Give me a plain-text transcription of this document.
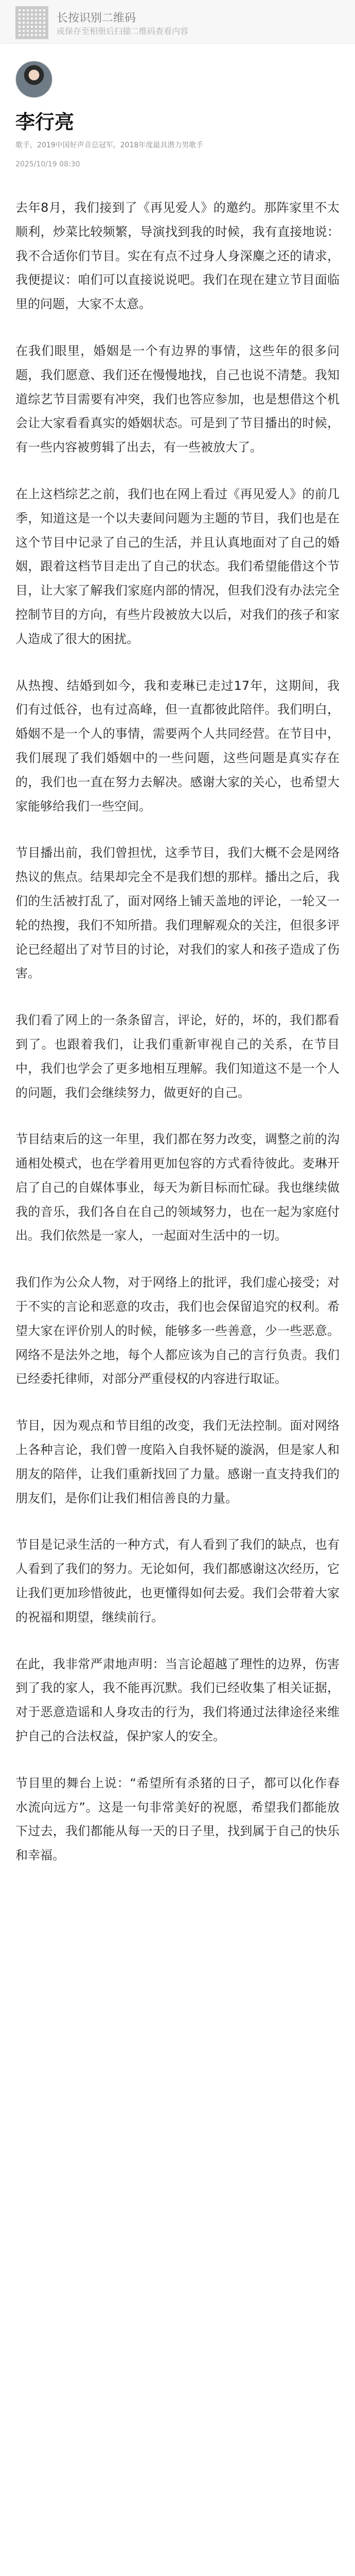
长按识别二维码
或保存至相册后扫描二维码查看内容
李行亮
歌手，2019中国好声音总冠军，2018年度最具潜力男歌手
2025/10/19 08:30

去年8月，我们接到了《再见爱人》的邀约。那阵家里不太顺利，炒菜比较频繁，导演找到我的时候，我有直接地说：我不合适你们节目。实在有点不过身人身深麋之还的请求，我便提议：咱们可以直接说说吧。我们在现在建立节目面临里的问题，大家不太意。

在我们眼里，婚姻是一个有边界的事情，这些年的很多问题，我们愿意、我们还在慢慢地找，自己也说不清楚。我知道综艺节目需要有冲突，我们也答应参加，也是想借这个机会让大家看看真实的婚姻状态。可是到了节目播出的时候，有一些内容被剪辑了出去，有一些被放大了。

在上这档综艺之前，我们也在网上看过《再见爱人》的前几季，知道这是一个以夫妻间问题为主题的节目，我们也是在这个节目中记录了自己的生活，并且认真地面对了自己的婚姻，跟着这档节目走出了自己的状态。我们希望能借这个节目，让大家了解我们家庭内部的情况，但我们没有办法完全控制节目的方向，有些片段被放大以后，对我们的孩子和家人造成了很大的困扰。

从热搜、结婚到如今，我和麦琳已走过17年，这期间，我们有过低谷，也有过高峰，但一直都彼此陪伴。我们明白，婚姻不是一个人的事情，需要两个人共同经营。在节目中，我们展现了我们婚姻中的一些问题，这些问题是真实存在的，我们也一直在努力去解决。感谢大家的关心，也希望大家能够给我们一些空间。

节目播出前，我们曾担忧，这季节目，我们大概不会是网络热议的焦点。结果却完全不是我们想的那样。播出之后，我们的生活被打乱了，面对网络上铺天盖地的评论，一轮又一轮的热搜，我们不知所措。我们理解观众的关注，但很多评论已经超出了对节目的讨论，对我们的家人和孩子造成了伤害。

我们看了网上的一条条留言，评论，好的，坏的，我们都看到了。也跟着我们，让我们重新审视自己的关系，在节目中，我们也学会了更多地相互理解。我们知道这不是一个人的问题，我们会继续努力，做更好的自己。

节目结束后的这一年里，我们都在努力改变，调整之前的沟通相处模式，也在学着用更加包容的方式看待彼此。麦琳开启了自己的自媒体事业，每天为新目标而忙碌。我也继续做我的音乐，我们各自在自己的领域努力，也在一起为家庭付出。我们依然是一家人，一起面对生活中的一切。

我们作为公众人物，对于网络上的批评，我们虚心接受；对于不实的言论和恶意的攻击，我们也会保留追究的权利。希望大家在评价别人的时候，能够多一些善意，少一些恶意。网络不是法外之地，每个人都应该为自己的言行负责。我们已经委托律师，对部分严重侵权的内容进行取证。

节目，因为观点和节目组的改变，我们无法控制。面对网络上各种言论，我们曾一度陷入自我怀疑的漩涡，但是家人和朋友的陪伴，让我们重新找回了力量。感谢一直支持我们的朋友们，是你们让我们相信善良的力量。

节目是记录生活的一种方式，有人看到了我们的缺点，也有人看到了我们的努力。无论如何，我们都感谢这次经历，它让我们更加珍惜彼此，也更懂得如何去爱。我们会带着大家的祝福和期望，继续前行。

在此，我非常严肃地声明：当言论超越了理性的边界，伤害到了我的家人，我不能再沉默。我们已经收集了相关证据，对于恶意造谣和人身攻击的行为，我们将通过法律途径来维护自己的合法权益，保护家人的安全。

节目里的舞台上说：“希望所有杀猪的日子，都可以化作春水流向远方”。这是一句非常美好的祝愿，希望我们都能放下过去，我们都能从每一天的日子里，找到属于自己的快乐和幸福。
